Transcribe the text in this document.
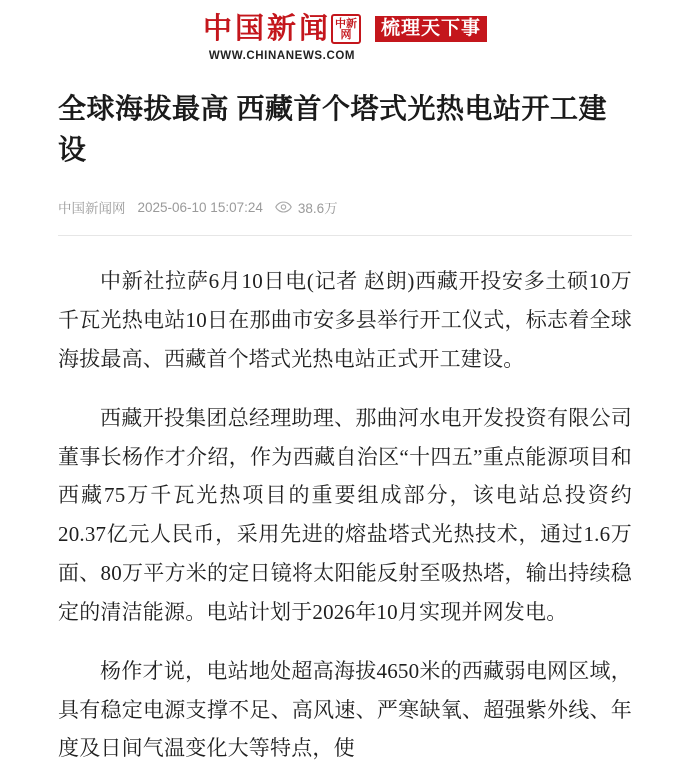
中 国 新 闻 中新
网
WWW.CHINANEWS.COM
梳理天下事
全球海拔最高 西藏首个塔式光热电站开工建设
中国新闻网 2025-06-10 15:07:24	38.6万

中新社拉萨6月10日电(记者 赵朗)西藏开投安多土硕10万千瓦光热电站10日在那曲市安多县举行开工仪式，标志着全球海拔最高、西藏首个塔式光热电站正式开工建设。

西藏开投集团总经理助理、那曲河水电开发投资有限公司董事长杨作才介绍，作为西藏自治区“十四五”重点能源项目和西藏75万千瓦光热项目的重要组成部分，该电站总投资约20.37亿元人民币，采用先进的熔盐塔式光热技术，通过1.6万面、80万平方米的定日镜将太阳能反射至吸热塔，输出持续稳定的清洁能源。电站计划于2026年10月实现并网发电。

杨作才说，电站地处超高海拔4650米的西藏弱电网区域，具有稳定电源支撑不足、高风速、严寒缺氧、超强紫外线、年度及日间气温变化大等特点，使
